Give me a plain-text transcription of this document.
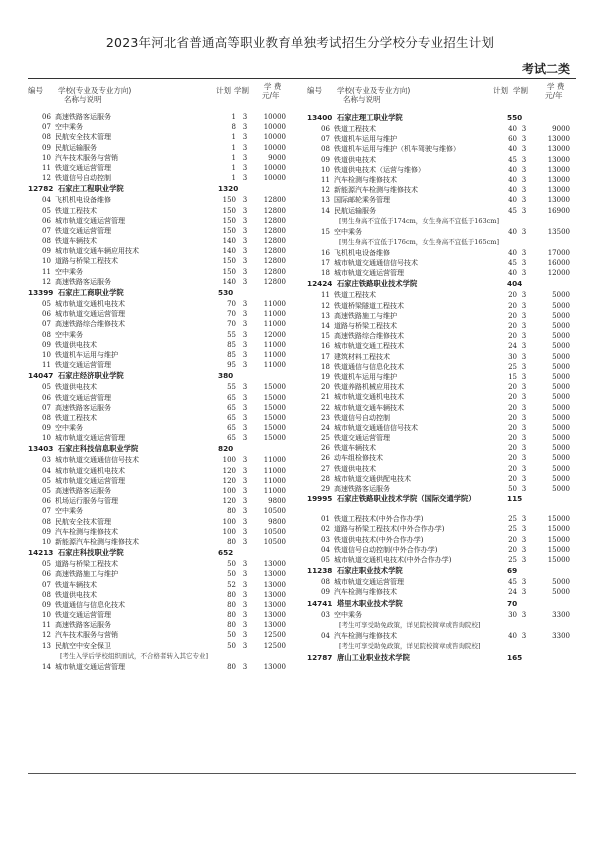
2023年河北省普通高等职业教育单独考试招生分学校分专业招生计划
考试二类
编号 学校(专业及专业方向)
名称与说明
计划 学制 学 费
元/年
06 高速铁路客运服务	1 3	10000
07 空中乘务	8 3	10000
08 民航安全技术管理	1 3	10000
09 民航运输服务	1 3	10000
10 汽车技术服务与营销	1 3	9000
11 铁道交通运营管理	1 3	10000
12 铁道信号自动控制	1 3	10000
12782 石家庄工程职业学院	1320
04 飞机机电设备维修	150 3	12800
05 铁道工程技术	150 3	12800
06 城市轨道交通运营管理	150 3	12800
07 铁道交通运营管理	150 3	12800
08 铁道车辆技术	140 3	12800
09 城市轨道交通车辆应用技术	140 3	12800
10 道路与桥梁工程技术	150 3	12800
11 空中乘务	150 3	12800
12 高速铁路客运服务	140 3	12800
13399 石家庄工商职业学院	530
05 城市轨道交通机电技术	70 3	11000
06 城市轨道交通运营管理	70 3	11000
07 高速铁路综合维修技术	70 3	11000
08 空中乘务	55 3	12000
09 铁道供电技术	85 3	11000
10 铁道机车运用与维护	85 3	11000
11 铁道交通运营管理	95 3	11000
14047 石家庄经济职业学院	380
05 铁道供电技术	55 3	15000
06 铁道交通运营管理	65 3	15000
07 高速铁路客运服务	65 3	15000
08 铁道工程技术	65 3	15000
09 空中乘务	65 3	15000
10 城市轨道交通运营管理	65 3	15000
13403 石家庄科技信息职业学院	820
03 城市轨道交通通信信号技术	100 3	11000
04 城市轨道交通机电技术	120 3	11000
05 城市轨道交通运营管理	120 3	11000
05 高速铁路客运服务	100 3	11000
06 机场运行服务与管理	120 3	9800
07 空中乘务	80 3	10500
08 民航安全技术管理	100 3	9800
09 汽车检测与维修技术	100 3	10500
10 新能源汽车检测与维修技术	80 3	10500
14213 石家庄科技职业学院	652
05 道路与桥梁工程技术	50 3	13000
06 高速铁路施工与维护	50 3	13000
07 铁道车辆技术	52 3	13000
08 铁道供电技术	80 3	13000
09 铁道通信与信息化技术	80 3	13000
10 铁道交通运营管理	80 3	13000
11 高速铁路客运服务	80 3	13000
12 汽车技术服务与营销	50 3	12500
13 民航空中安全保卫	50 3	12500
[考生入学后学校组织面试，不合格者转入其它专业]
14 城市轨道交通运营管理	80 3	13000
编号 学校(专业及专业方向)
名称与说明
计划 学制	学 费
元/年
13400 石家庄理工职业学院	550
06 铁道工程技术	40 3	9000
07 铁道机车运用与维护	60 3	13000
08 铁道机车运用与维护（机车驾驶与维修）	40 3	13000
09 铁道供电技术	45 3	13000
10 铁道供电技术（运营与维修）	40 3	13000
11 汽车检测与维修技术	40 3	13000
12 新能源汽车检测与维修技术	40 3	13000
13 国际邮轮乘务管理	40 3	13000
14 民航运输服务	45 3	16900
[男生身高不宜低于174cm，女生身高不宜低于163cm]
15 空中乘务	40 3	13500
[男生身高不宜低于176cm，女生身高不宜低于165cm]
16 飞机机电设备维修	40 3	17000
17 城市轨道交通通信信号技术	45 3	16000
18 城市轨道交通运营管理	40 3	12000
12424 石家庄铁路职业技术学院	404
11 铁道工程技术	20 3	5000
12 铁道桥梁隧道工程技术	20 3	5000
13 高速铁路施工与维护	20 3	5000
14 道路与桥梁工程技术	20 3	5000
15 高速铁路综合维修技术	20 3	5000
16 城市轨道交通工程技术	24 3	5000
17 建筑材料工程技术	30 3	5000
18 铁道通信与信息化技术	25 3	5000
19 铁道机车运用与维护	15 3	5000
20 铁道养路机械应用技术	20 3	5000
21 城市轨道交通机电技术	20 3	5000
22 城市轨道交通车辆技术	20 3	5000
23 铁道信号自动控制	20 3	5000
24 城市轨道交通通信信号技术	20 3	5000
25 铁道交通运营管理	20 3	5000
26 铁道车辆技术	20 3	5000
26 动车组检修技术	20 3	5000
27 铁道供电技术	20 3	5000
28 城市轨道交通供配电技术	20 3	5000
29 高速铁路客运服务	50 3	5000
19995 石家庄铁路职业技术学院（国际交通学院）	115
01 铁道工程技术(中外合作办学)	25 3	15000
02 道路与桥梁工程技术(中外合作办学)	25 3	15000
03 铁道供电技术(中外合作办学)	20 3	15000
04 铁道信号自动控制(中外合作办学)	20 3	15000
05 城市轨道交通机电技术(中外合作办学)	25 3	15000
11238 石家庄职业技术学院	69
08 城市轨道交通运营管理	45 3	5000
09 汽车检测与维修技术	24 3	5000
14741 塔里木职业技术学院	70
03 空中乘务	30 3	3300
[考生可享受助免政策，详见院校简章或咨询院校]
04 汽车检测与维修技术	40 3	3300
[考生可享受助免政策，详见院校简章或咨询院校]
12787 唐山工业职业技术学院	165
